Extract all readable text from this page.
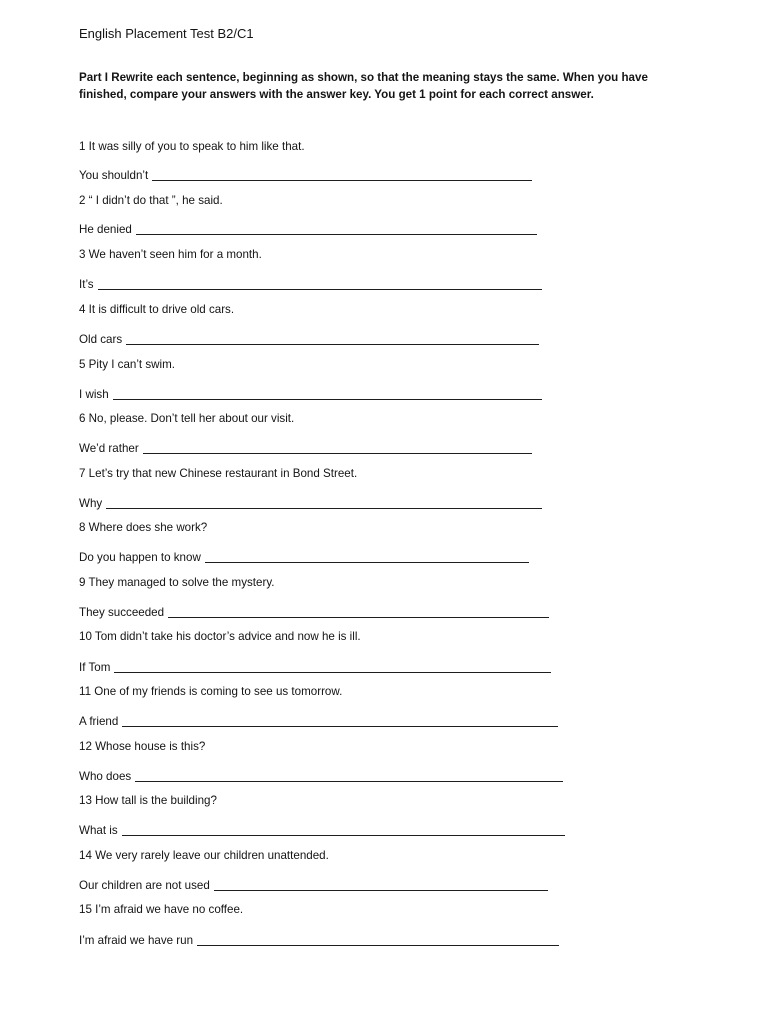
English Placement Test B2/C1
Part I Rewrite each sentence, beginning as shown, so that the meaning stays the same. When you have finished, compare your answers with the answer key. You get 1 point for each correct answer.
1 It was silly of you to speak to him like that.
You shouldn’t
2 “ I didn’t do that ”, he said.
He denied
3 We haven’t seen him for a month.
It’s
4 It is difficult to drive old cars.
Old cars
5 Pity I can’t swim.
I wish
6 No, please. Don’t tell her about our visit.
We’d rather
7 Let’s try that new Chinese restaurant in Bond Street.
Why
8 Where does she work?
Do you happen to know
9 They managed to solve the mystery.
They succeeded
10 Tom didn’t take his doctor’s advice and now he is ill.
If Tom
11 One of my friends is coming to see us tomorrow.
A friend
12 Whose house is this?
Who does
13 How tall is the building?
What is
14 We very rarely leave our children unattended.
Our children are not used
15 I’m afraid we have no coffee.
I’m afraid we have run
